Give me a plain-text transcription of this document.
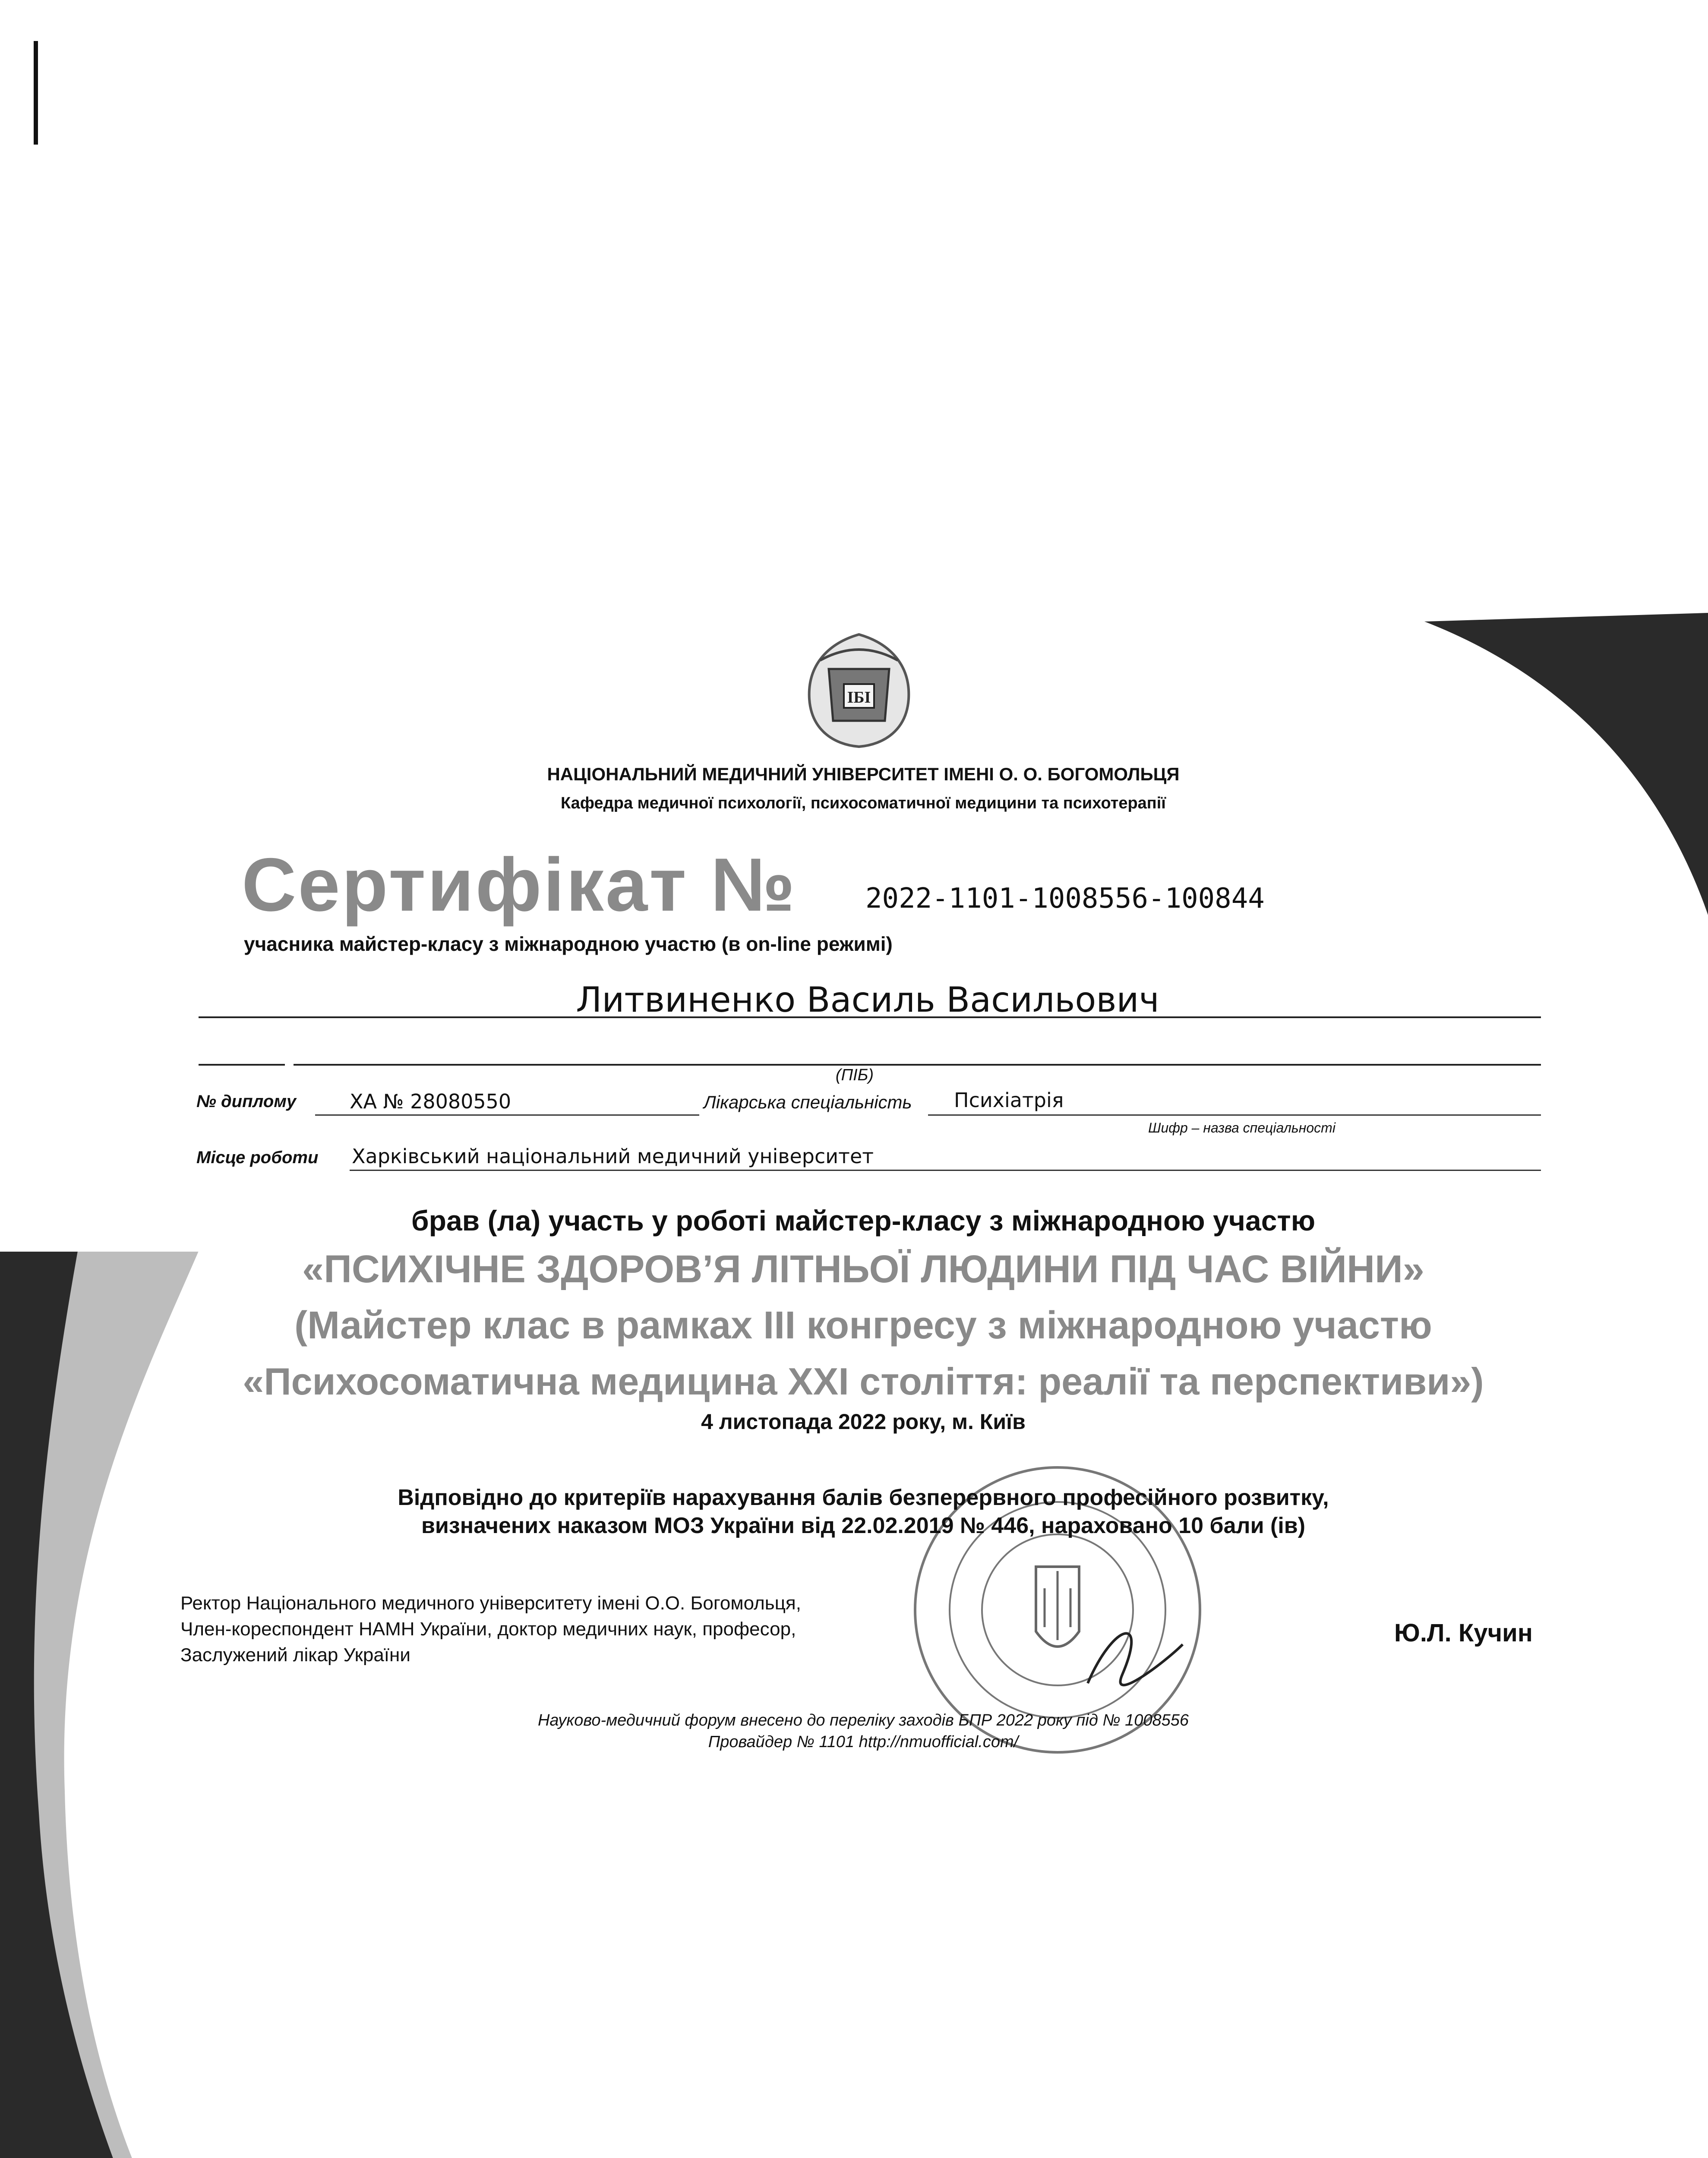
ІБІ
НАЦІОНАЛЬНИЙ МЕДИЧНИЙ УНІВЕРСИТЕТ ІМЕНІ О. О. БОГОМОЛЬЦЯ
Кафедра медичної психології, психосоматичної медицини та психотерапії
Сертифікат № 2022-1101-1008556-100844
учасника майстер-класу з міжнародною участю (в on-line режимі)
Литвиненко Василь Васильович
(ПІБ)
№ диплому	ХА № 28080550	Лікарська спеціальність Психіатрія
Шифр – назва спеціальності
Місце роботи Харківський національний медичний університет
брав (ла) участь у роботі майстер-класу з міжнародною участю
«ПСИХІЧНЕ ЗДОРОВ’Я ЛІТНЬОЇ ЛЮДИНИ ПІД ЧАС ВІЙНИ»
(Майстер клас в рамках ІІІ конгресу з міжнародною участю
«Психосоматична медицина ХХІ століття: реалії та перспективи»)
4 листопада 2022 року, м. Київ
Відповідно до критеріїв нарахування балів безперервного професійного розвитку,
визначених наказом МОЗ України від 22.02.2019 № 446, нараховано 10 бали (ів)
Ректор Національного медичного університету імені О.О. Богомольця,
Член-кореспондент НАМН України, доктор медичних наук, професор,
Заслужений лікар України
Ю.Л. Кучин
Науково-медичний форум внесено до переліку заходів БПР 2022 року під № 1008556
Провайдер № 1101 http://nmuofficial.com/
